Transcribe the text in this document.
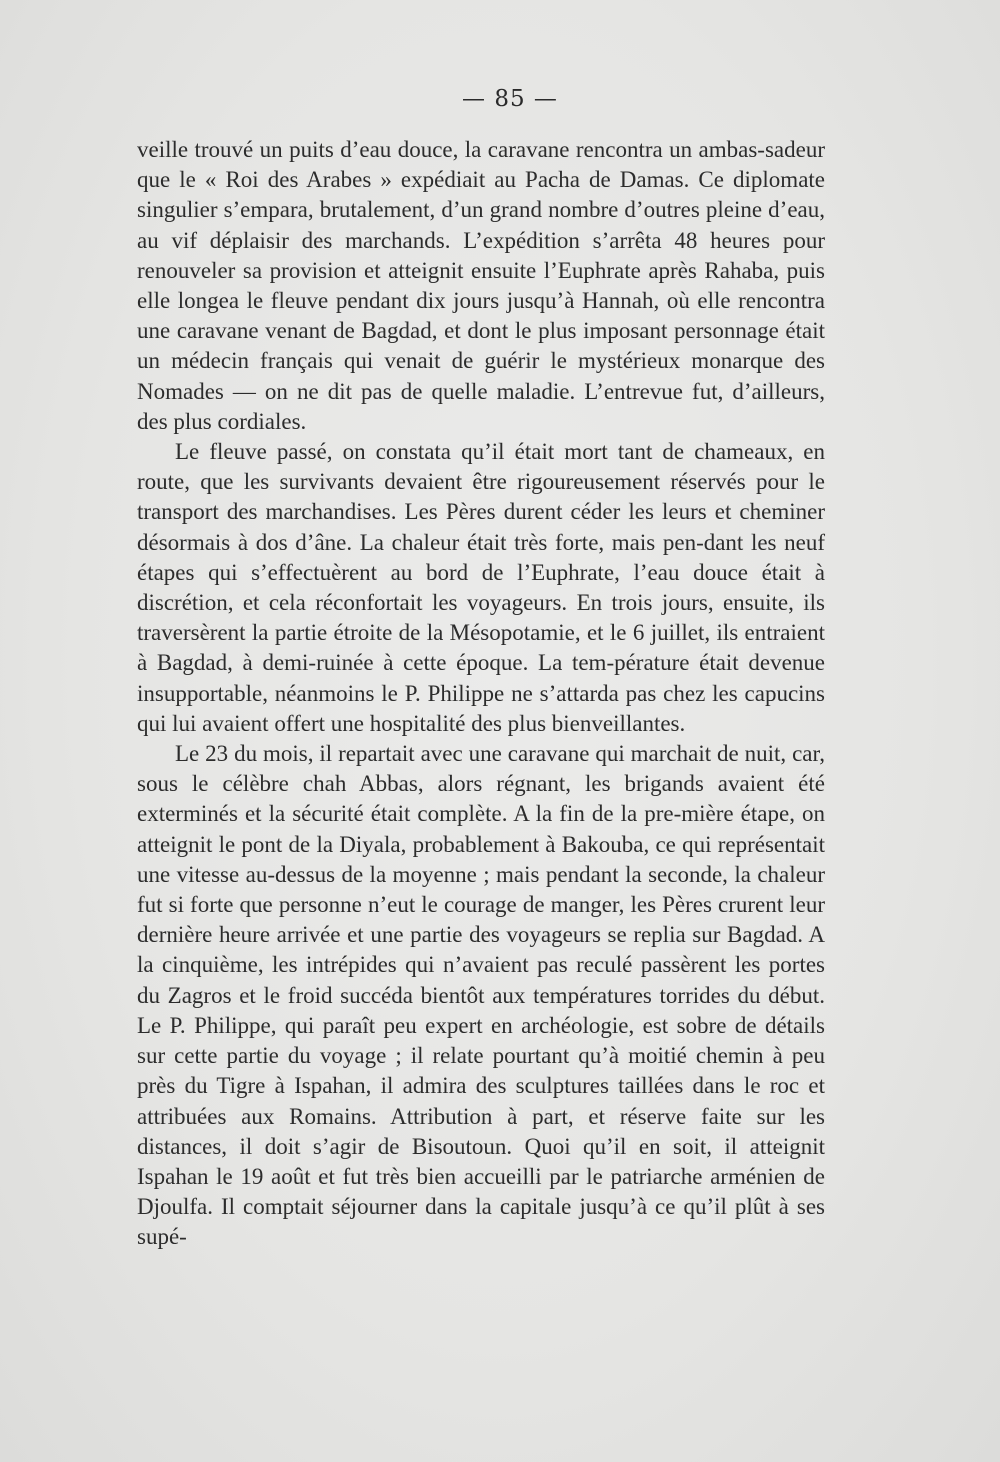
— 85 —

veille trouvé un puits d’eau douce, la caravane rencontra un ambas-sadeur que le « Roi des Arabes » expédiait au Pacha de Damas. Ce diplomate singulier s’empara, brutalement, d’un grand nombre d’outres pleine d’eau, au vif déplaisir des marchands. L’expédition s’arrêta 48 heures pour renouveler sa provision et atteignit ensuite l’Euphrate après Rahaba, puis elle longea le fleuve pendant dix jours jusqu’à Hannah, où elle rencontra une caravane venant de Bagdad, et dont le plus imposant personnage était un médecin français qui venait de guérir le mystérieux monarque des Nomades — on ne dit pas de quelle maladie. L’entrevue fut, d’ailleurs, des plus cordiales.

Le fleuve passé, on constata qu’il était mort tant de chameaux, en route, que les survivants devaient être rigoureusement réservés pour le transport des marchandises. Les Pères durent céder les leurs et cheminer désormais à dos d’âne. La chaleur était très forte, mais pen-dant les neuf étapes qui s’effectuèrent au bord de l’Euphrate, l’eau douce était à discrétion, et cela réconfortait les voyageurs. En trois jours, ensuite, ils traversèrent la partie étroite de la Mésopotamie, et le 6 juillet, ils entraient à Bagdad, à demi-ruinée à cette époque. La tem-pérature était devenue insupportable, néanmoins le P. Philippe ne s’attarda pas chez les capucins qui lui avaient offert une hospitalité des plus bienveillantes.

Le 23 du mois, il repartait avec une caravane qui marchait de nuit, car, sous le célèbre chah Abbas, alors régnant, les brigands avaient été exterminés et la sécurité était complète. A la fin de la pre-mière étape, on atteignit le pont de la Diyala, probablement à Bakouba, ce qui représentait une vitesse au-dessus de la moyenne ; mais pendant la seconde, la chaleur fut si forte que personne n’eut le courage de manger, les Pères crurent leur dernière heure arrivée et une partie des voyageurs se replia sur Bagdad. A la cinquième, les intrépides qui n’avaient pas reculé passèrent les portes du Zagros et le froid succéda bientôt aux températures torrides du début. Le P. Philippe, qui paraît peu expert en archéologie, est sobre de détails sur cette partie du voyage ; il relate pourtant qu’à moitié chemin à peu près du Tigre à Ispahan, il admira des sculptures taillées dans le roc et attribuées aux Romains. Attribution à part, et réserve faite sur les distances, il doit s’agir de Bisoutoun. Quoi qu’il en soit, il atteignit Ispahan le 19 août et fut très bien accueilli par le patriarche arménien de Djoulfa. Il comptait séjourner dans la capitale jusqu’à ce qu’il plût à ses supé-
